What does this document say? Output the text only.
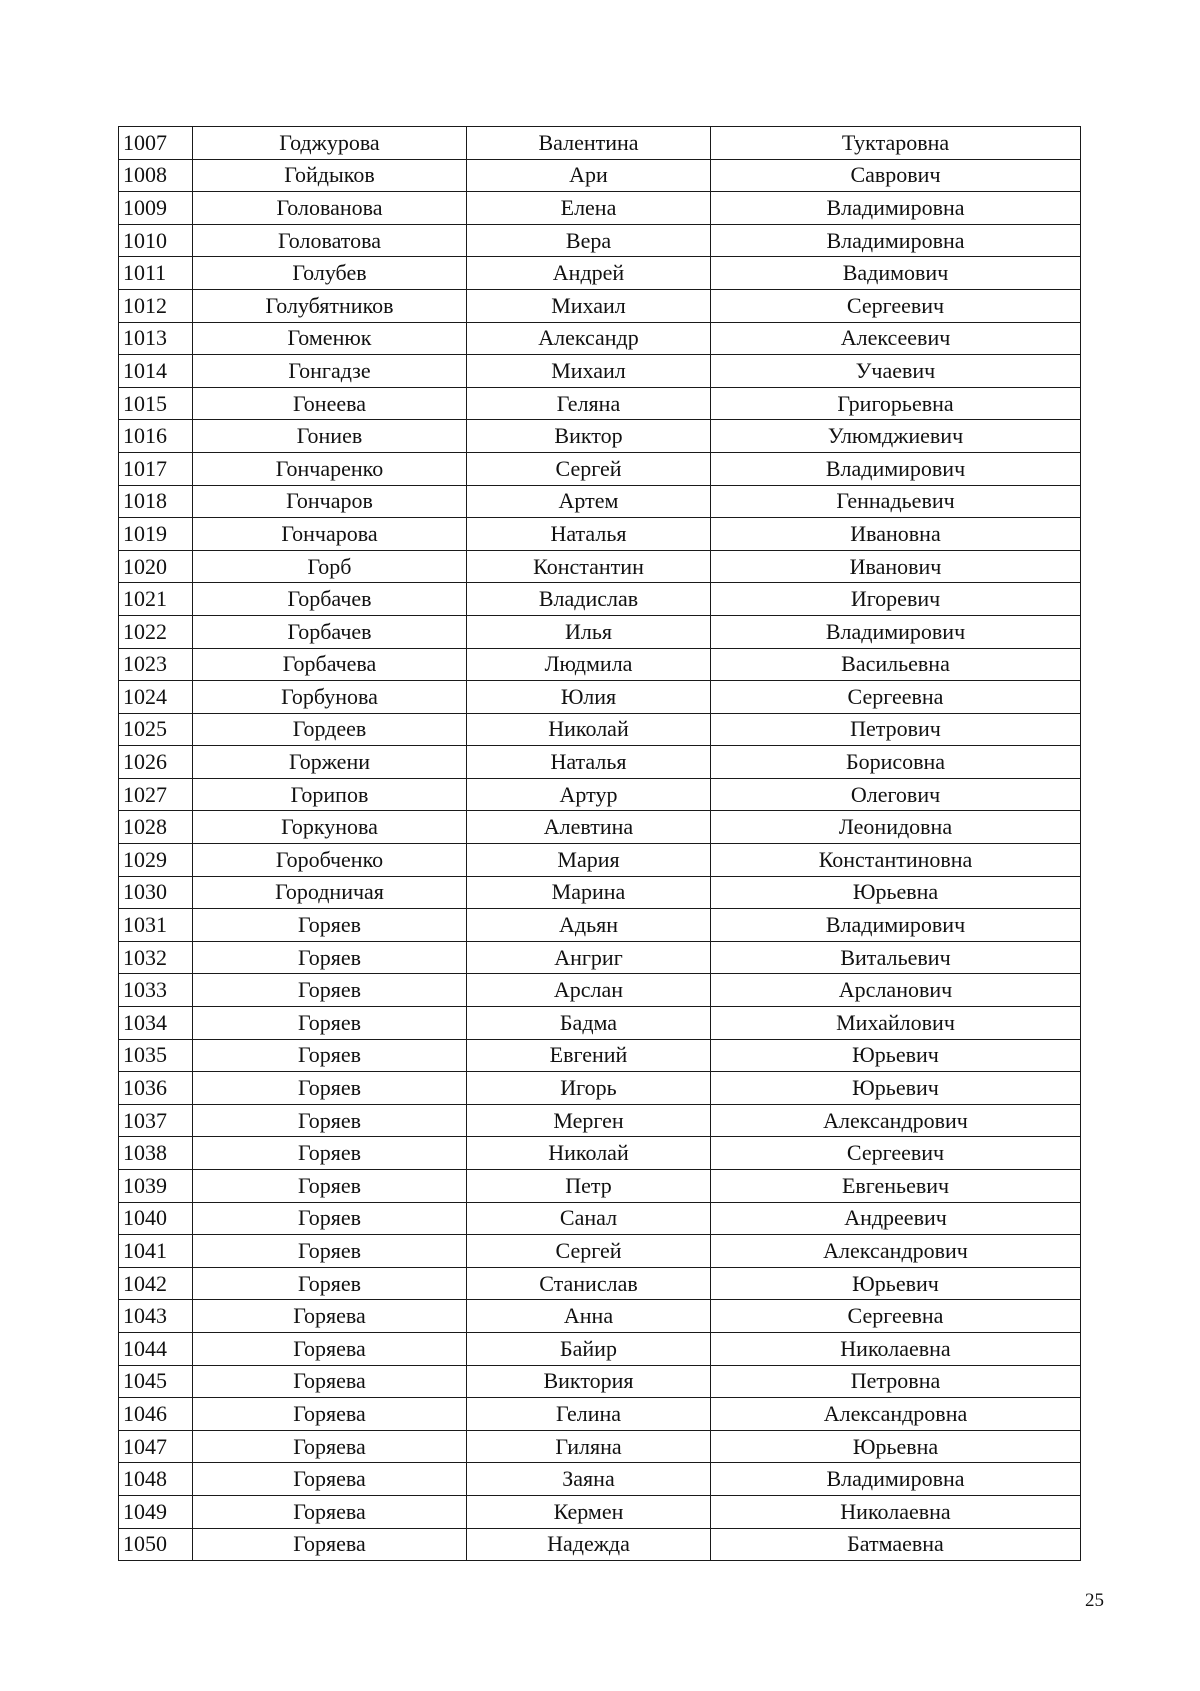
1007	Годжурова	Валентина	Туктаровна
1008	Гойдыков	Ари	Саврович
1009	Голованова	Елена	Владимировна
1010	Головатова	Вера	Владимировна
1011	Голубев	Андрей	Вадимович
1012	Голубятников	Михаил	Сергеевич
1013	Гоменюк	Александр	Алексеевич
1014	Гонгадзе	Михаил	Учаевич
1015	Гонеева	Геляна	Григорьевна
1016	Гониев	Виктор	Улюмджиевич
1017	Гончаренко	Сергей	Владимирович
1018	Гончаров	Артем	Геннадьевич
1019	Гончарова	Наталья	Ивановна
1020	Горб	Константин	Иванович
1021	Горбачев	Владислав	Игоревич
1022	Горбачев	Илья	Владимирович
1023	Горбачева	Людмила	Васильевна
1024	Горбунова	Юлия	Сергеевна
1025	Гордеев	Николай	Петрович
1026	Горжени	Наталья	Борисовна
1027	Горипов	Артур	Олегович
1028	Горкунова	Алевтина	Леонидовна
1029	Горобченко	Мария	Константиновна
1030	Городничая	Марина	Юрьевна
1031	Горяев	Адьян	Владимирович
1032	Горяев	Ангриг	Витальевич
1033	Горяев	Арслан	Арсланович
1034	Горяев	Бадма	Михайлович
1035	Горяев	Евгений	Юрьевич
1036	Горяев	Игорь	Юрьевич
1037	Горяев	Мерген	Александрович
1038	Горяев	Николай	Сергеевич
1039	Горяев	Петр	Евгеньевич
1040	Горяев	Санал	Андреевич
1041	Горяев	Сергей	Александрович
1042	Горяев	Станислав	Юрьевич
1043	Горяева	Анна	Сергеевна
1044	Горяева	Байир	Николаевна
1045	Горяева	Виктория	Петровна
1046	Горяева	Гелина	Александровна
1047	Горяева	Гиляна	Юрьевна
1048	Горяева	Заяна	Владимировна
1049	Горяева	Кермен	Николаевна
1050	Горяева	Надежда	Батмаевна
25
